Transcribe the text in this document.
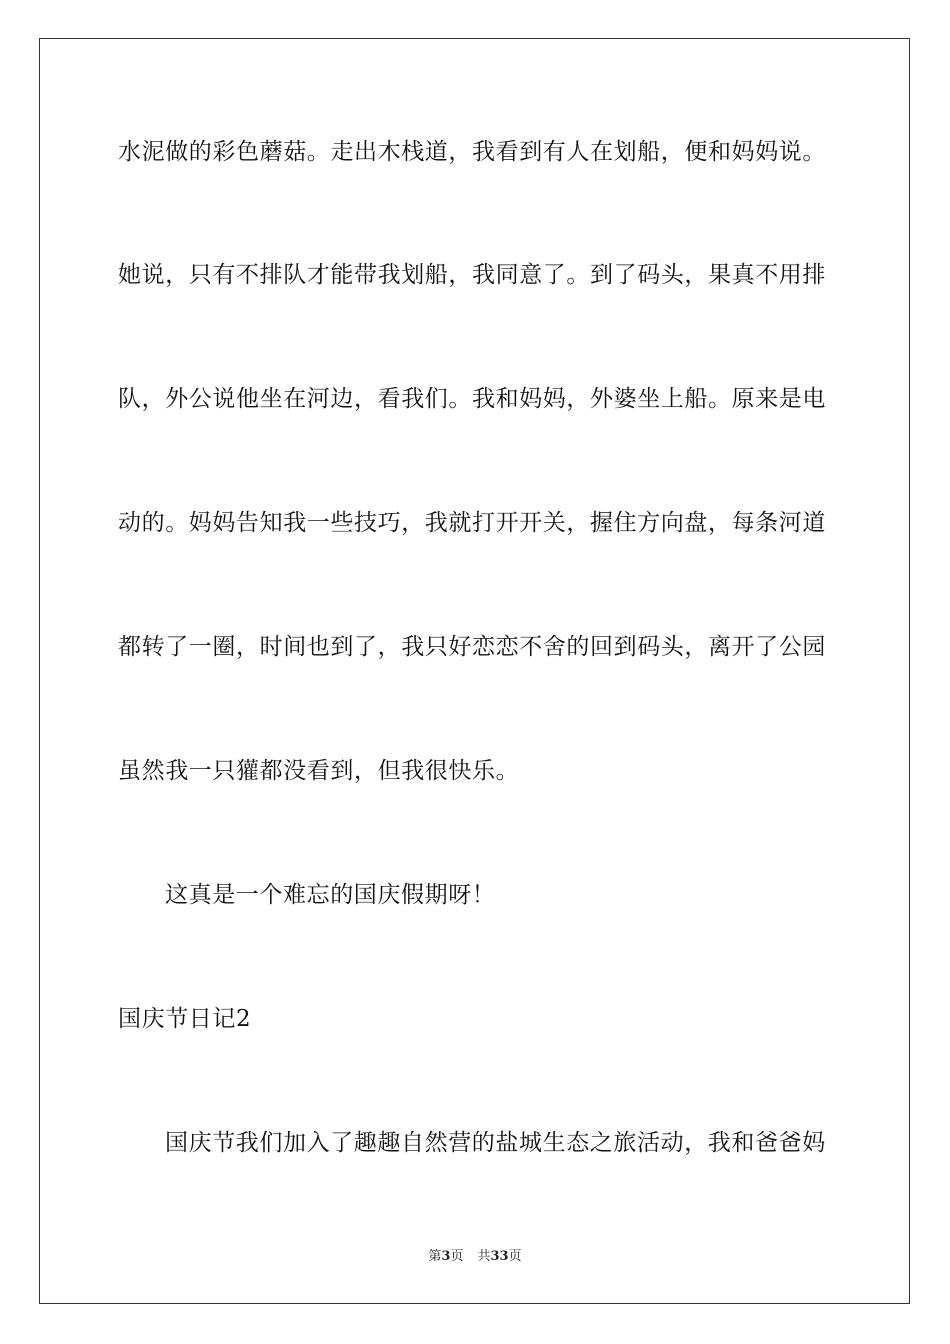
水泥做的彩色蘑菇。走出木栈道，我看到有人在划船，便和妈妈说。
她说，只有不排队才能带我划船，我同意了。到了码头，果真不用排
队，外公说他坐在河边，看我们。我和妈妈，外婆坐上船。原来是电
动的。妈妈告知我一些技巧，我就打开开关，握住方向盘，每条河道
都转了一圈，时间也到了，我只好恋恋不舍的回到码头，离开了公园
虽然我一只獾都没看到，但我很快乐。
这真是一个难忘的国庆假期呀！
国庆节日记2
国庆节我们加入了趣趣自然营的盐城生态之旅活动，我和爸爸妈
第3页 共33页
